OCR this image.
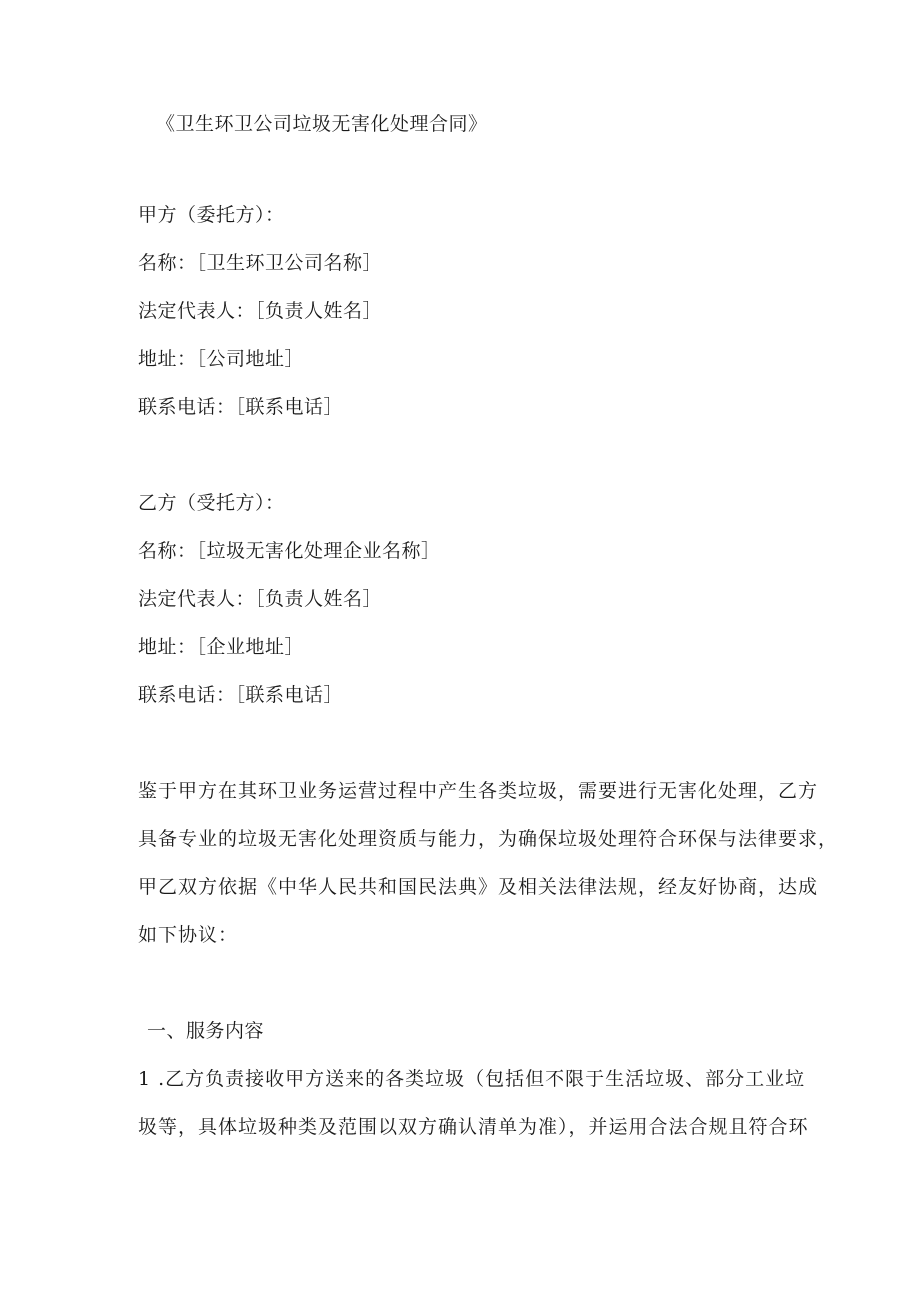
《卫生环卫公司垃圾无害化处理合同》
甲方（委托方）：
名称：［卫生环卫公司名称］
法定代表人：［负责人姓名］
地址：［公司地址］
联系电话：［联系电话］
乙方（受托方）：
名称：［垃圾无害化处理企业名称］
法定代表人：［负责人姓名］
地址：［企业地址］
联系电话：［联系电话］
鉴于甲方在其环卫业务运营过程中产生各类垃圾，需要进行无害化处理，乙方
具备专业的垃圾无害化处理资质与能力，为确保垃圾处理符合环保与法律要求，
甲乙双方依据《中华人民共和国民法典》及相关法律法规，经友好协商，达成
如下协议：
一、服务内容
1 .乙方负责接收甲方送来的各类垃圾（包括但不限于生活垃圾、部分工业垃
圾等，具体垃圾种类及范围以双方确认清单为准），并运用合法合规且符合环
